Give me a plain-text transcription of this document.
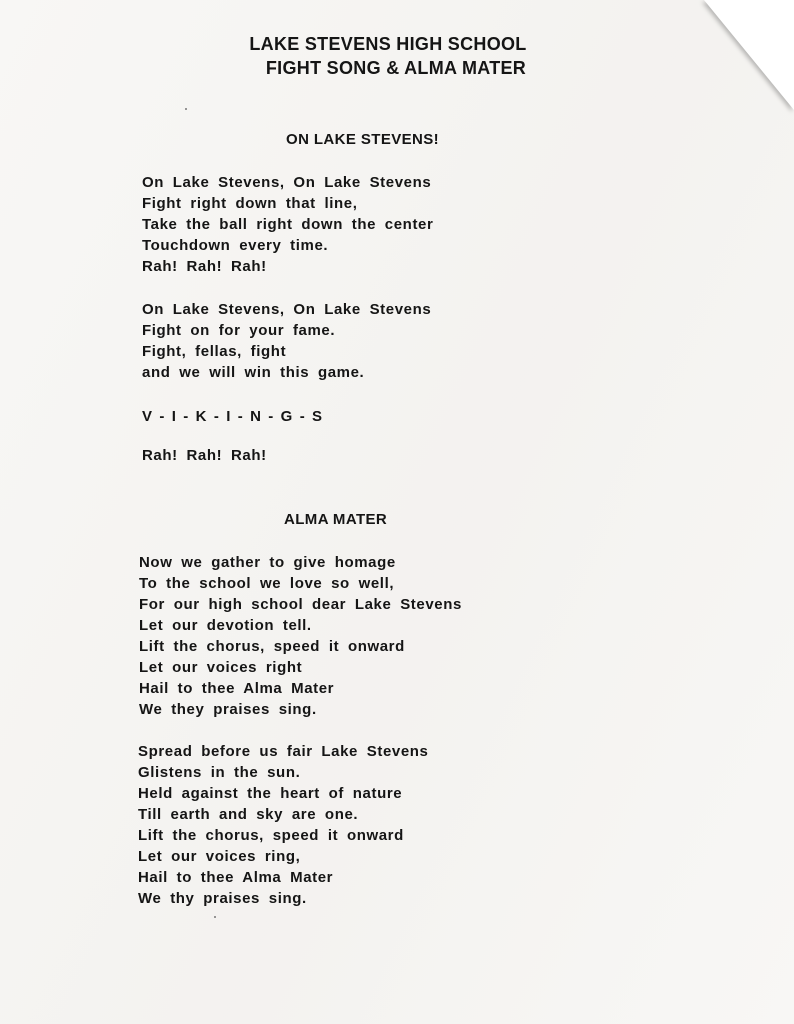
LAKE STEVENS HIGH SCHOOL
FIGHT SONG & ALMA MATER
ON LAKE STEVENS!
On Lake Stevens, On Lake Stevens
Fight right down that line,
Take the ball right down the center
Touchdown every time.
Rah! Rah! Rah!
On Lake Stevens, On Lake Stevens
Fight on for your fame.
Fight, fellas, fight
and we will win this game.
V - I - K - I - N - G - S
Rah! Rah! Rah!
ALMA MATER
Now we gather to give homage
To the school we love so well,
For our high school dear Lake Stevens
Let our devotion tell.
Lift the chorus, speed it onward
Let our voices right
Hail to thee Alma Mater
We they praises sing.
Spread before us fair Lake Stevens
Glistens in the sun.
Held against the heart of nature
Till earth and sky are one.
Lift the chorus, speed it onward
Let our voices ring,
Hail to thee Alma Mater
We thy praises sing.
